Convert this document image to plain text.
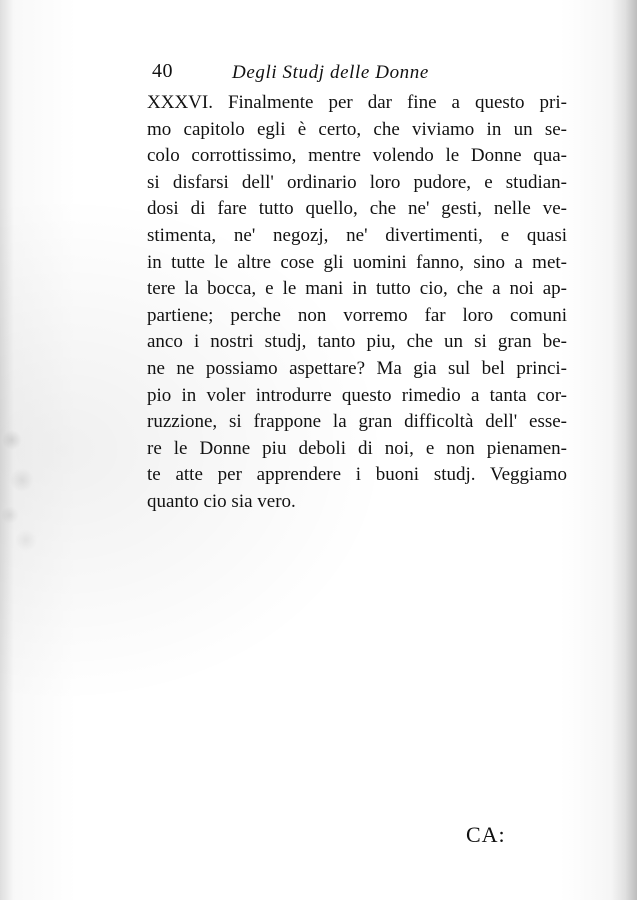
40	Degli Studj delle Donne
XXXVI. Finalmente per dar fine a questo pri-
mo capitolo egli è certo, che viviamo in un se-
colo corrottissimo, mentre volendo le Donne qua-
si disfarsi dell' ordinario loro pudore, e studian-
dosi di fare tutto quello, che ne' gesti, nelle ve-
stimenta, ne' negozj, ne' divertimenti, e quasi
in tutte le altre cose gli uomini fanno, sino a met-
tere la bocca, e le mani in tutto cio, che a noi ap-
partiene; perche non vorremo far loro comuni
anco i nostri studj, tanto piu, che un si gran be-
ne ne possiamo aspettare? Ma gia sul bel princi-
pio in voler introdurre questo rimedio a tanta cor-
ruzzione, si frappone la gran difficoltà dell' esse-
re le Donne piu deboli di noi, e non pienamen-
te atte per apprendere i buoni studj. Veggiamo
quanto cio sia vero.
CA:
